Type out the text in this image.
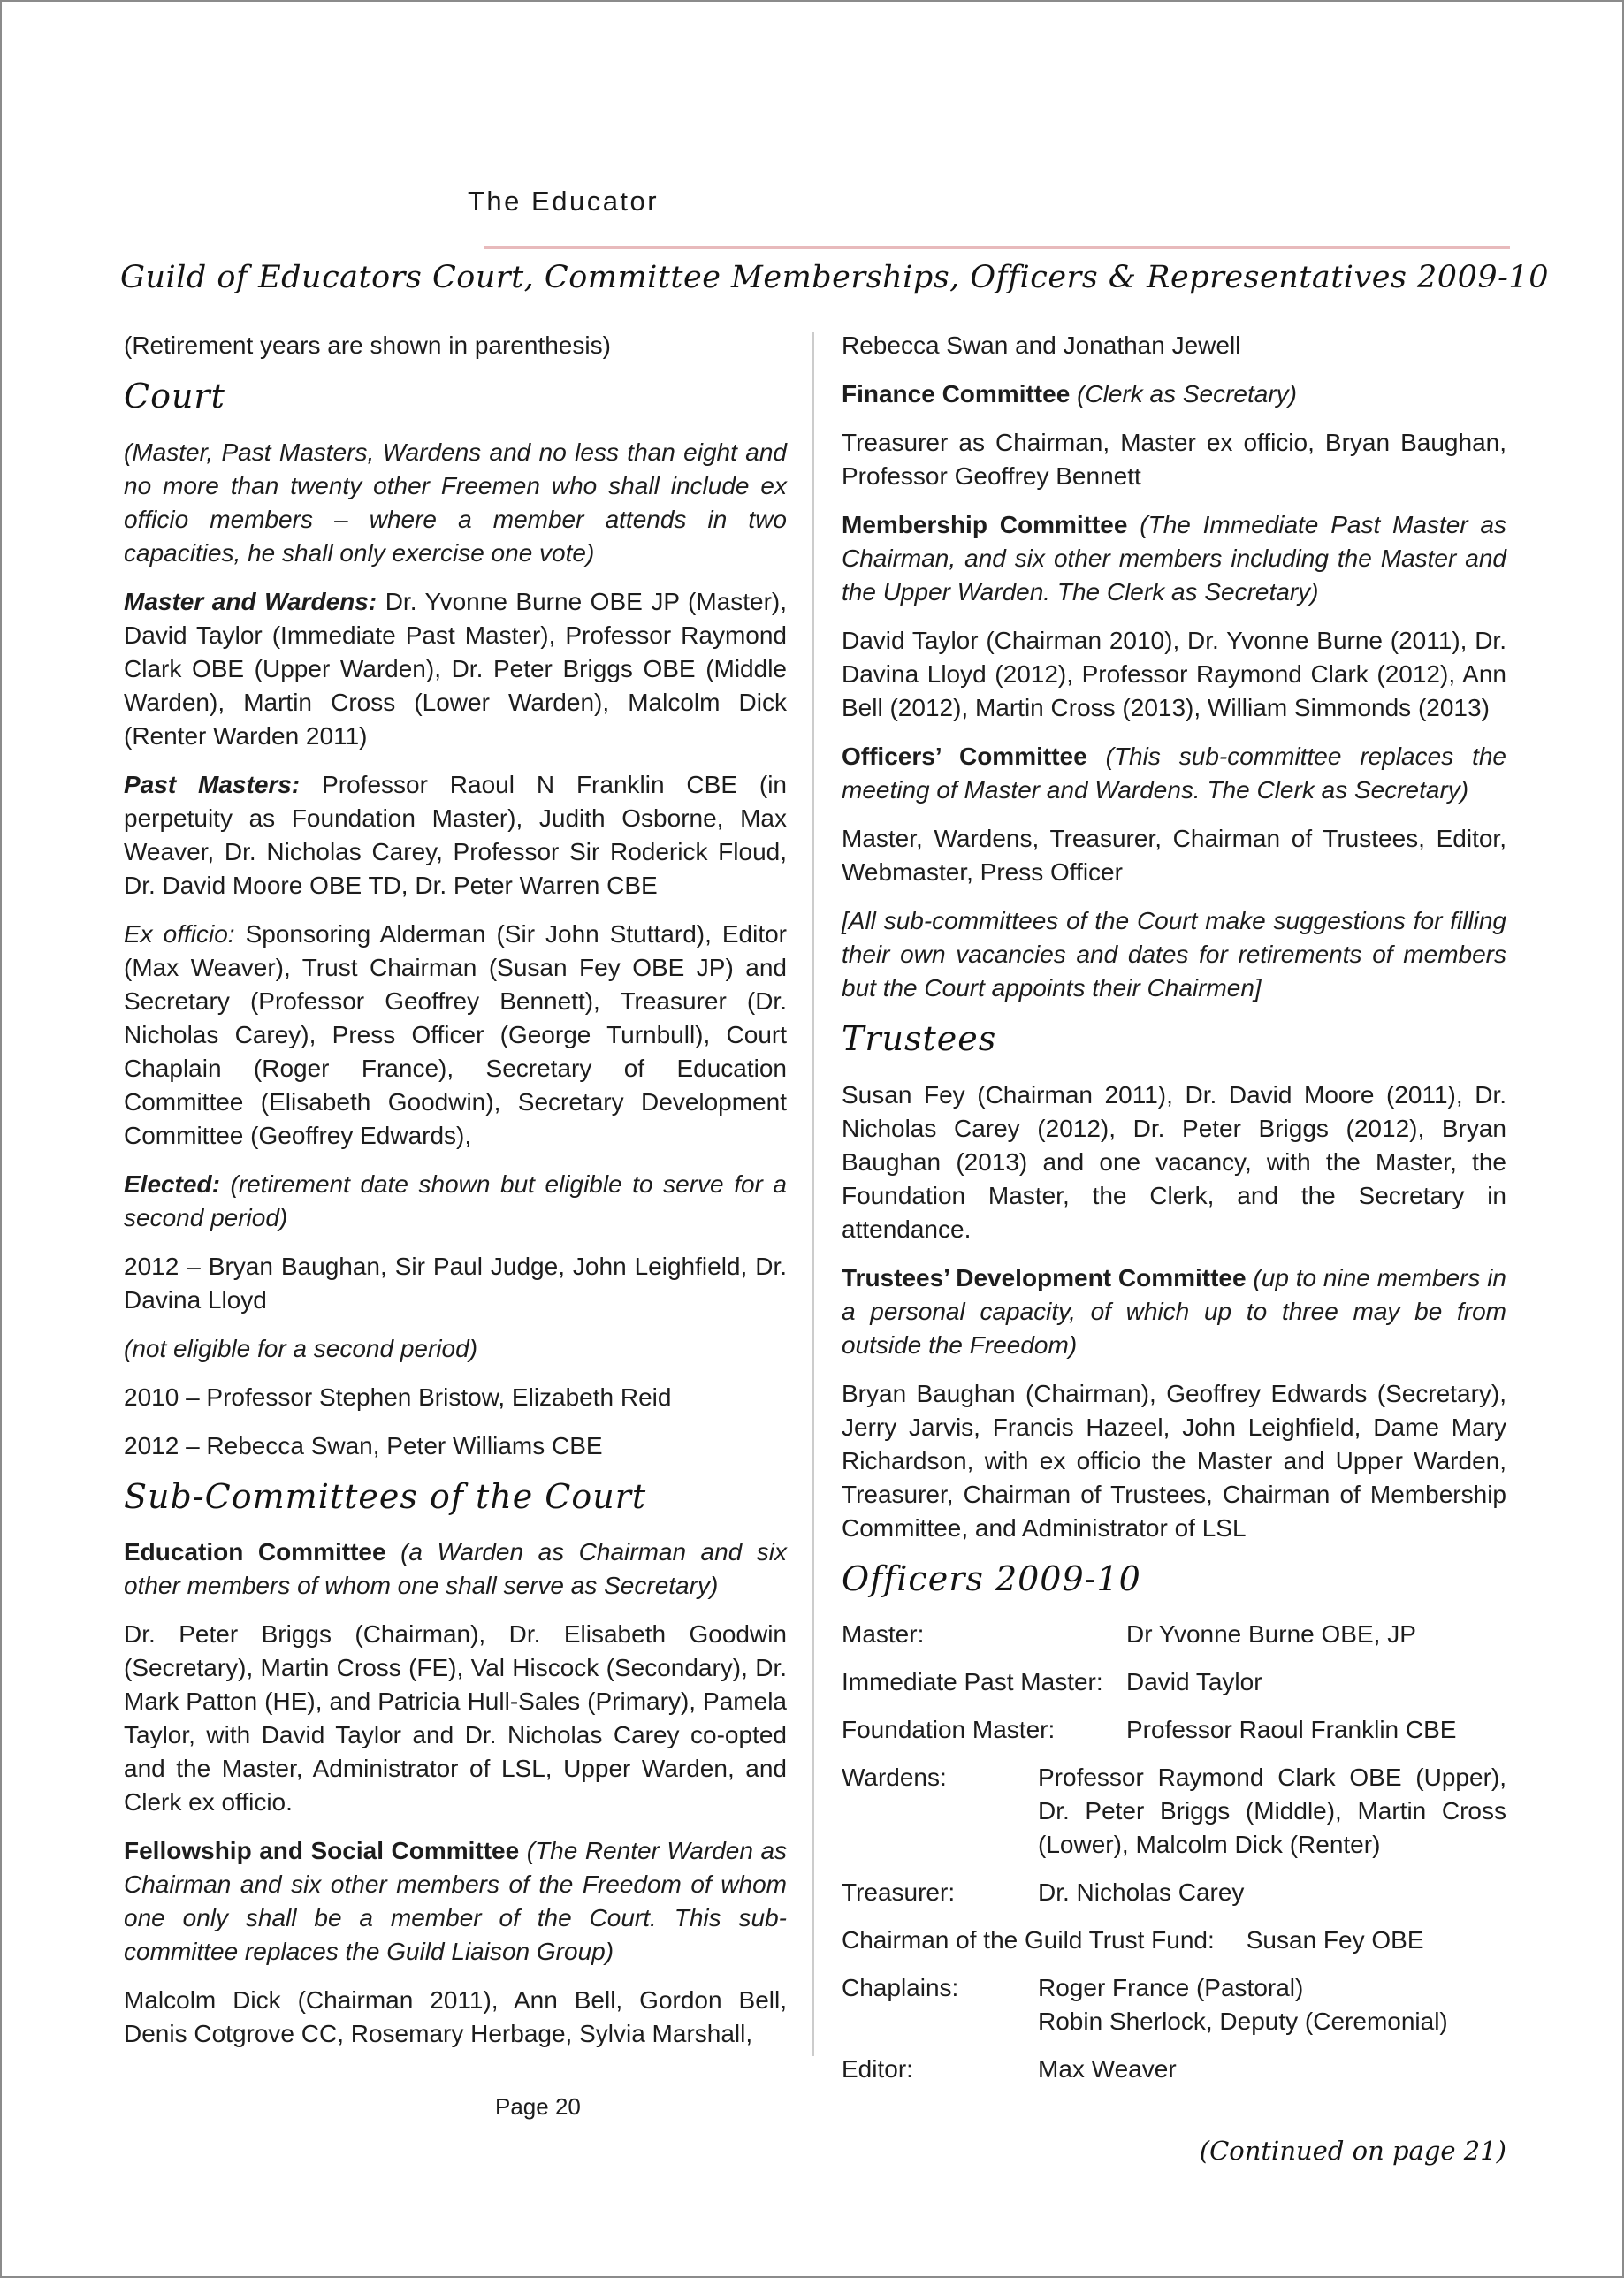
The Educator
Guild of Educators Court, Committee Memberships, Officers & Representatives 2009-10

(Retirement years are shown in parenthesis)

Court

(Master, Past Masters, Wardens and no less than eight and no more than twenty other Freemen who shall include ex officio members – where a member attends in two capacities, he shall only exercise one vote)

Master and Wardens: Dr. Yvonne Burne OBE JP (Master), David Taylor (Immediate Past Master), Professor Raymond Clark OBE (Upper Warden), Dr. Peter Briggs OBE (Middle Warden), Martin Cross (Lower Warden), Malcolm Dick (Renter Warden 2011)

Past Masters: Professor Raoul N Franklin CBE (in perpetuity as Foundation Master), Judith Osborne, Max Weaver, Dr. Nicholas Carey, Professor Sir Roderick Floud, Dr. David Moore OBE TD, Dr. Peter Warren CBE

Ex officio: Sponsoring Alderman (Sir John Stuttard), Editor (Max Weaver), Trust Chairman (Susan Fey OBE JP) and Secretary (Professor Geoffrey Bennett), Treasurer (Dr. Nicholas Carey), Press Officer (George Turnbull), Court Chaplain (Roger France), Secretary of Education Committee (Elisabeth Goodwin), Secretary Development Committee (Geoffrey Edwards),

Elected: (retirement date shown but eligible to serve for a second period)

2012 – Bryan Baughan, Sir Paul Judge, John Leighfield, Dr. Davina Lloyd

(not eligible for a second period)

2010 – Professor Stephen Bristow, Elizabeth Reid

2012 – Rebecca Swan, Peter Williams CBE

Sub-Committees of the Court

Education Committee (a Warden as Chairman and six other members of whom one shall serve as Secretary)

Dr. Peter Briggs (Chairman), Dr. Elisabeth Goodwin (Secretary), Martin Cross (FE), Val Hiscock (Secondary), Dr. Mark Patton (HE), and Patricia Hull-Sales (Primary), Pamela Taylor, with David Taylor and Dr. Nicholas Carey co-opted and the Master, Administrator of LSL, Upper Warden, and Clerk ex officio.

Fellowship and Social Committee (The Renter Warden as Chairman and six other members of the Freedom of whom one only shall be a member of the Court. This sub-committee replaces the Guild Liaison Group)

Malcolm Dick (Chairman 2011), Ann Bell, Gordon Bell, Denis Cotgrove CC, Rosemary Herbage, Sylvia Marshall,

Rebecca Swan and Jonathan Jewell

Finance Committee (Clerk as Secretary)

Treasurer as Chairman, Master ex officio, Bryan Baughan, Professor Geoffrey Bennett

Membership Committee (The Immediate Past Master as Chairman, and six other members including the Master and the Upper Warden. The Clerk as Secretary)

David Taylor (Chairman 2010), Dr. Yvonne Burne (2011), Dr. Davina Lloyd (2012), Professor Raymond Clark (2012), Ann Bell (2012), Martin Cross (2013), William Simmonds (2013)

Officers’ Committee (This sub-committee replaces the meeting of Master and Wardens. The Clerk as Secretary)

Master, Wardens, Treasurer, Chairman of Trustees, Editor, Webmaster, Press Officer

[All sub-committees of the Court make suggestions for filling their own vacancies and dates for retirements of members but the Court appoints their Chairmen]

Trustees

Susan Fey (Chairman 2011), Dr. David Moore (2011), Dr. Nicholas Carey (2012), Dr. Peter Briggs (2012), Bryan Baughan (2013) and one vacancy, with the Master, the Foundation Master, the Clerk, and the Secretary in attendance.

Trustees’ Development Committee (up to nine members in a personal capacity, of which up to three may be from outside the Freedom)

Bryan Baughan (Chairman), Geoffrey Edwards (Secretary), Jerry Jarvis, Francis Hazeel, John Leighfield, Dame Mary Richardson, with ex officio the Master and Upper Warden, Treasurer, Chairman of Trustees, Chairman of Membership Committee, and Administrator of LSL

Officers 2009-10
Master:	Dr Yvonne Burne OBE, JP
Immediate Past Master: David Taylor
Foundation Master:	Professor Raoul Franklin CBE
Wardens:	Professor Raymond Clark OBE (Upper), Dr. Peter Briggs (Middle), Martin Cross (Lower), Malcolm Dick (Renter)
Treasurer:	Dr. Nicholas Carey
Chairman of the Guild Trust Fund: Susan Fey OBE
Chaplains:	Roger France (Pastoral)
Robin Sherlock, Deputy (Ceremonial)
Editor:	Max Weaver
(Continued on page 21)
Page 20
